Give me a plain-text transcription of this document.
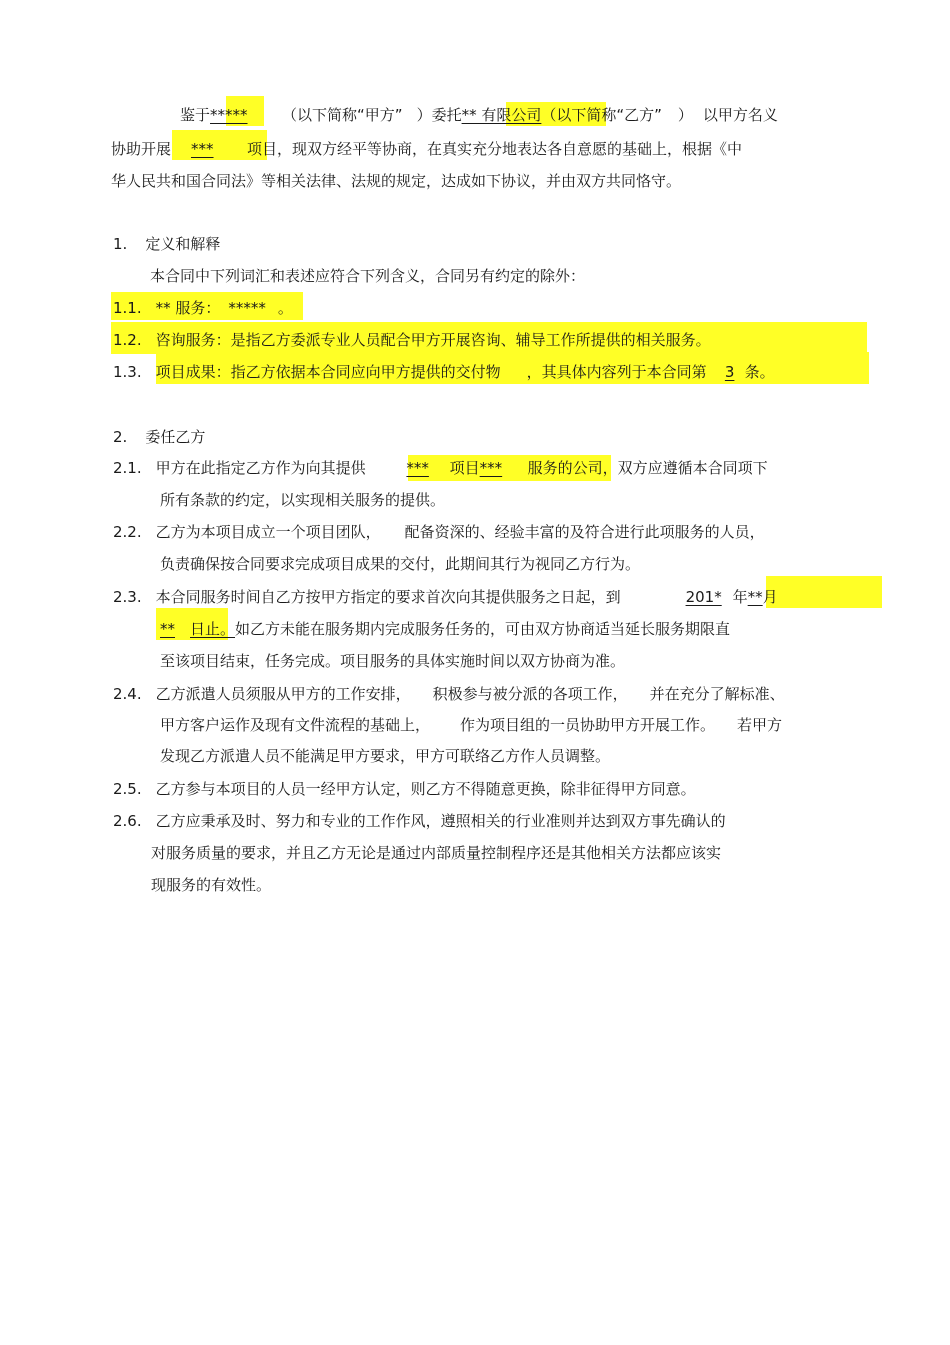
鉴于***** （以下简称“甲方” ）委托** 有限公司（以下简称“乙方” ） 以甲方名义
协助开展 *** 项目，现双方经平等协商，在真实充分地表达各自意愿的基础上，根据《中
华人民共和国合同法》等相关法律、法规的规定，达成如下协议，并由双方共同恪守。
1. 定义和解释
本合同中下列词汇和表述应符合下列含义，合同另有约定的除外：
1.1. ** 服务： ***** 。
1.2. 咨询服务：是指乙方委派专业人员配合甲方开展咨询、辅导工作所提供的相关服务。
1.3. 项目成果：指乙方依据本合同应向甲方提供的交付物 ，其具体内容列于本合同第 3 条。
2. 委任乙方
2.1. 甲方在此指定乙方作为向其提供	*** 项目*** 服务的公司，双方应遵循本合同项下
所有条款的约定，以实现相关服务的提供。
2.2. 乙方为本项目成立一个项目团队， 配备资深的、经验丰富的及符合进行此项服务的人员，
负责确保按合同要求完成项目成果的交付，此期间其行为视同乙方行为。
2.3. 本合同服务时间自乙方按甲方指定的要求首次向其提供服务之日起，到	201* 年**月
** 日止。如乙方未能在服务期内完成服务任务的，可由双方协商适当延长服务期限直
至该项目结束，任务完成。项目服务的具体实施时间以双方协商为准。
2.4. 乙方派遣人员须服从甲方的工作安排， 积极参与被分派的各项工作， 并在充分了解标准、
甲方客户运作及现有文件流程的基础上， 作为项目组的一员协助甲方开展工作。 若甲方
发现乙方派遣人员不能满足甲方要求，甲方可联络乙方作人员调整。
2.5. 乙方参与本项目的人员一经甲方认定，则乙方不得随意更换，除非征得甲方同意。
2.6. 乙方应秉承及时、努力和专业的工作作风，遵照相关的行业准则并达到双方事先确认的
对服务质量的要求，并且乙方无论是通过内部质量控制程序还是其他相关方法都应该实
现服务的有效性。
